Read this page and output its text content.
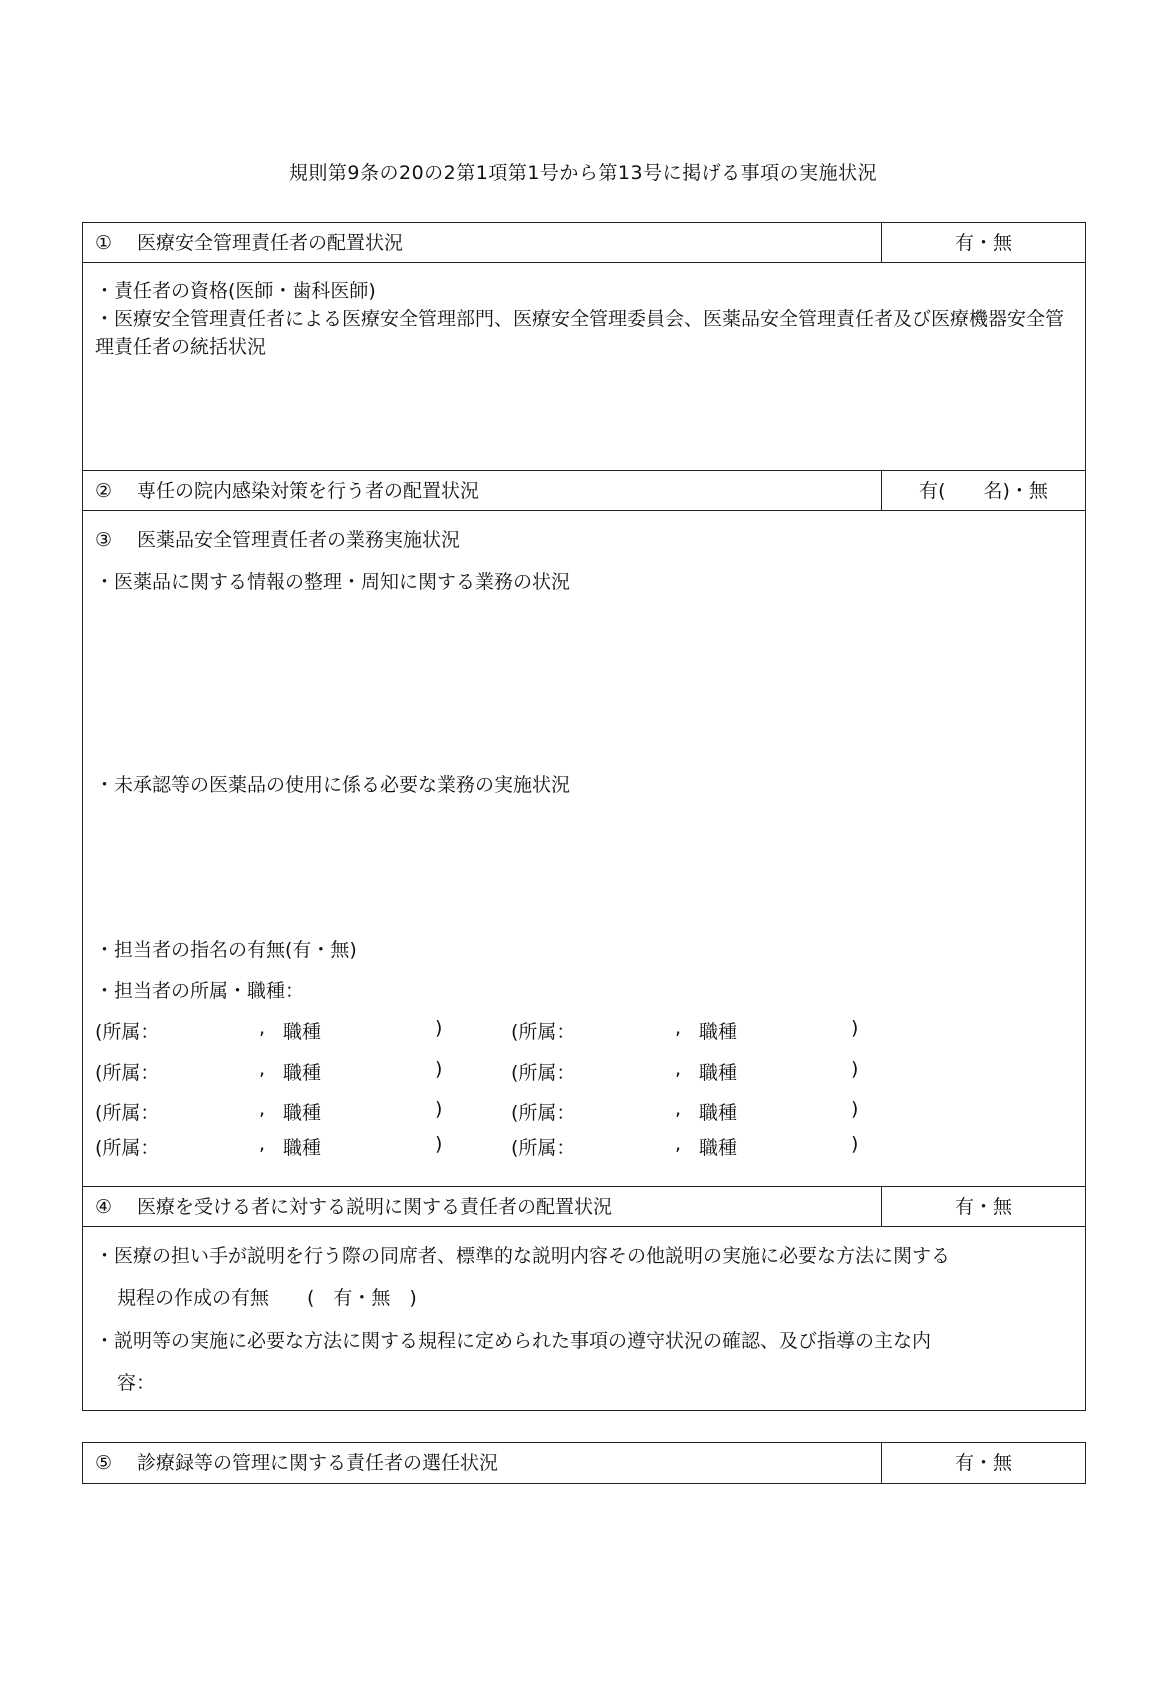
規則第9条の20の2第1項第1号から第13号に掲げる事項の実施状況
① 医療安全管理責任者の配置状況	有・無
・責任者の資格(医師・歯科医師)
・医療安全管理責任者による医療安全管理部門、医療安全管理委員会、医薬品安全管理責任者及び医療機器安全管理責任者の統括状況
② 専任の院内感染対策を行う者の配置状況	有(　　名)・無
③ 医薬品安全管理責任者の業務実施状況
・医薬品に関する情報の整理・周知に関する業務の状況
・未承認等の医薬品の使用に係る必要な業務の実施状況
・担当者の指名の有無(有・無)
・担当者の所属・職種：
(所属：	, 職種	)	(所属：	, 職種	)
(所属：	, 職種	)	(所属：	, 職種	)
(所属：	, 職種	)	(所属：	, 職種	)
(所属：	, 職種	)	(所属：	, 職種	)
④ 医療を受ける者に対する説明に関する責任者の配置状況	有・無
・医療の担い手が説明を行う際の同席者、標準的な説明内容その他説明の実施に必要な方法に関する
規程の作成の有無　　(　有・無　)
・説明等の実施に必要な方法に関する規程に定められた事項の遵守状況の確認、及び指導の主な内
容：
⑤ 診療録等の管理に関する責任者の選任状況	有・無
